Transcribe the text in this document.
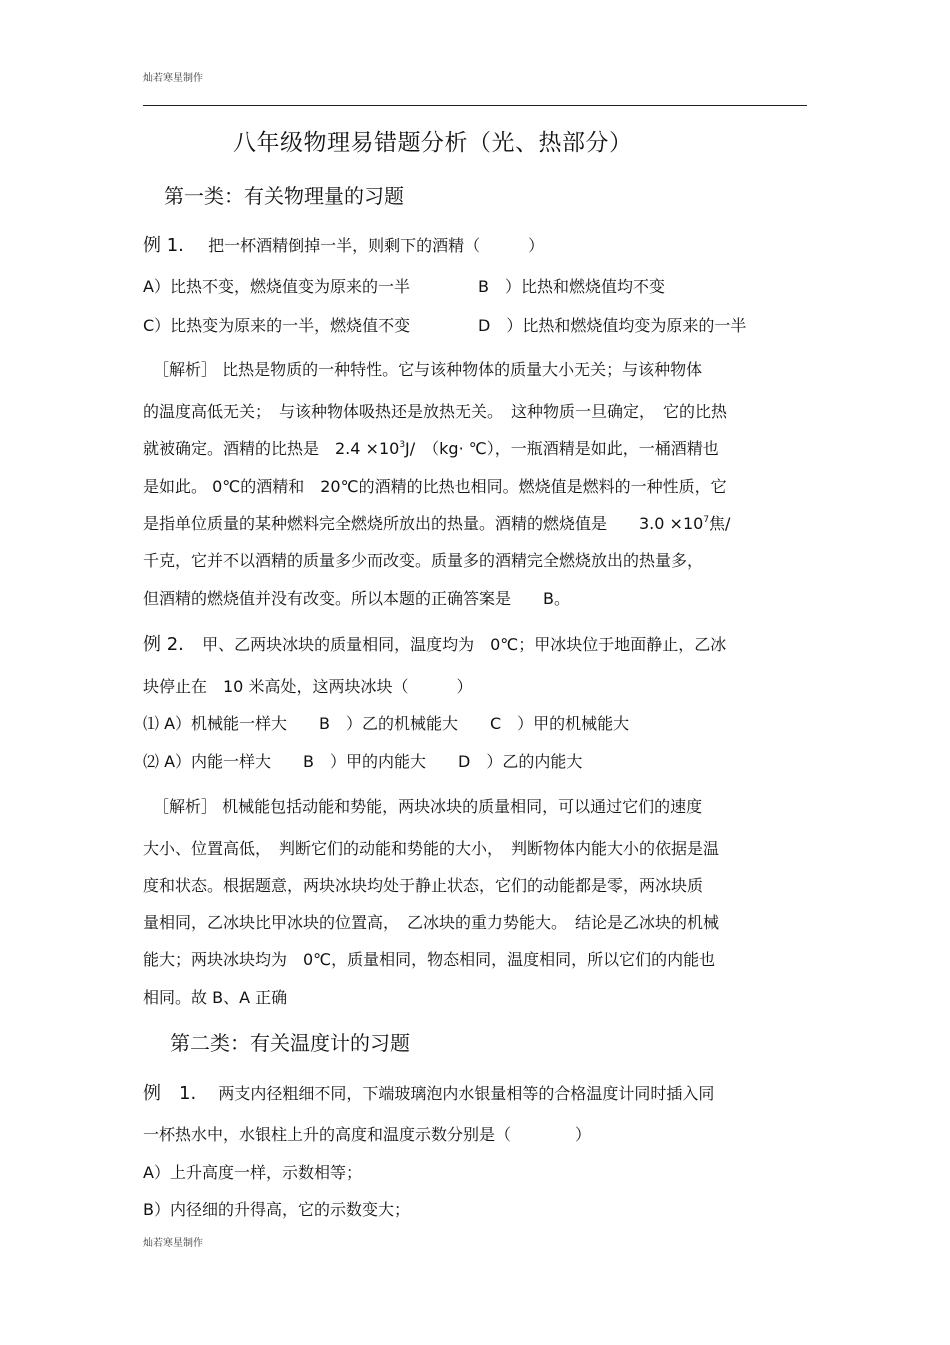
灿若寒星制作
八年级物理易错题分析（光、热部分）
第一类：有关物理量的习题
例 1. 把一杯酒精倒掉一半，则剩下的酒精（　　　）
A）比热不变，燃烧值变为原来的一半	B　）比热和燃烧值均不变
C）比热变为原来的一半，燃烧值不变	D　）比热和燃烧值均变为原来的一半
［解析］ 比热是物质的一种特性。它与该种物体的质量大小无关；与该种物体
的温度高低无关；　与该种物体吸热还是放热无关。　这种物质一旦确定，　它的比热
就被确定。酒精的比热是　$2.4 \times 10^3J/$　（kg· ℃），一瓶酒精是如此，一桶酒精也
是如此。 0℃的酒精和　20℃的酒精的比热也相同。燃烧值是燃料的一种性质，它
是指单位质量的某种燃料完全燃烧所放出的热量。酒精的燃烧值是　　$3.0 \times 10^7$焦/
千克，它并不以酒精的质量多少而改变。质量多的酒精完全燃烧放出的热量多，
但酒精的燃烧值并没有改变。所以本题的正确答案是　　B。
例 2. 甲、乙两块冰块的质量相同，温度均为　0℃；甲冰块位于地面静止，乙冰
块停止在　10 米高处，这两块冰块（　　　）
⑴ A）机械能一样大　　B　）乙的机械能大　　C　）甲的机械能大
⑵ A）内能一样大　　B　）甲的内能大　　D　）乙的内能大
［解析］ 机械能包括动能和势能，两块冰块的质量相同，可以通过它们的速度
大小、位置高低，　判断它们的动能和势能的大小，　判断物体内能大小的依据是温
度和状态。根据题意，两块冰块均处于静止状态，它们的动能都是零，两冰块质
量相同，乙冰块比甲冰块的位置高，　乙冰块的重力势能大。　结论是乙冰块的机械
能大；两块冰块均为　0℃，质量相同，物态相同，温度相同，所以它们的内能也
相同。故 B、A 正确
第二类：有关温度计的习题
例　1. 两支内径粗细不同，下端玻璃泡内水银量相等的合格温度计同时插入同
一杯热水中，水银柱上升的高度和温度示数分别是（　　　　）
A）上升高度一样，示数相等；
B）内径细的升得高，它的示数变大；
灿若寒星制作
